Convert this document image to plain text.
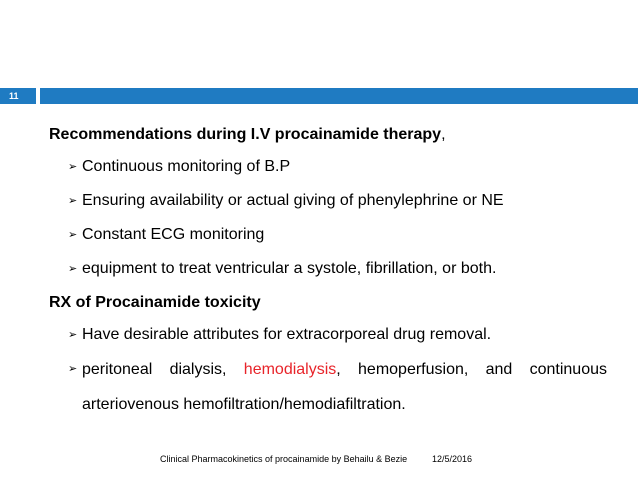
11

Recommendations during I.V procainamide therapy,

➢ Continuous monitoring of B.P
➢ Ensuring availability or actual giving of phenylephrine or NE
➢ Constant ECG monitoring
➢ equipment to treat ventricular a systole, fibrillation, or both.

RX of Procainamide toxicity

➢ Have desirable attributes for extracorporeal drug removal.
➢ peritoneal dialysis, hemodialysis, hemoperfusion, and continuous arteriovenous hemofiltration/hemodiafiltration.
Clinical Pharmacokinetics of procainamide by Behailu & Bezie	12/5/2016
